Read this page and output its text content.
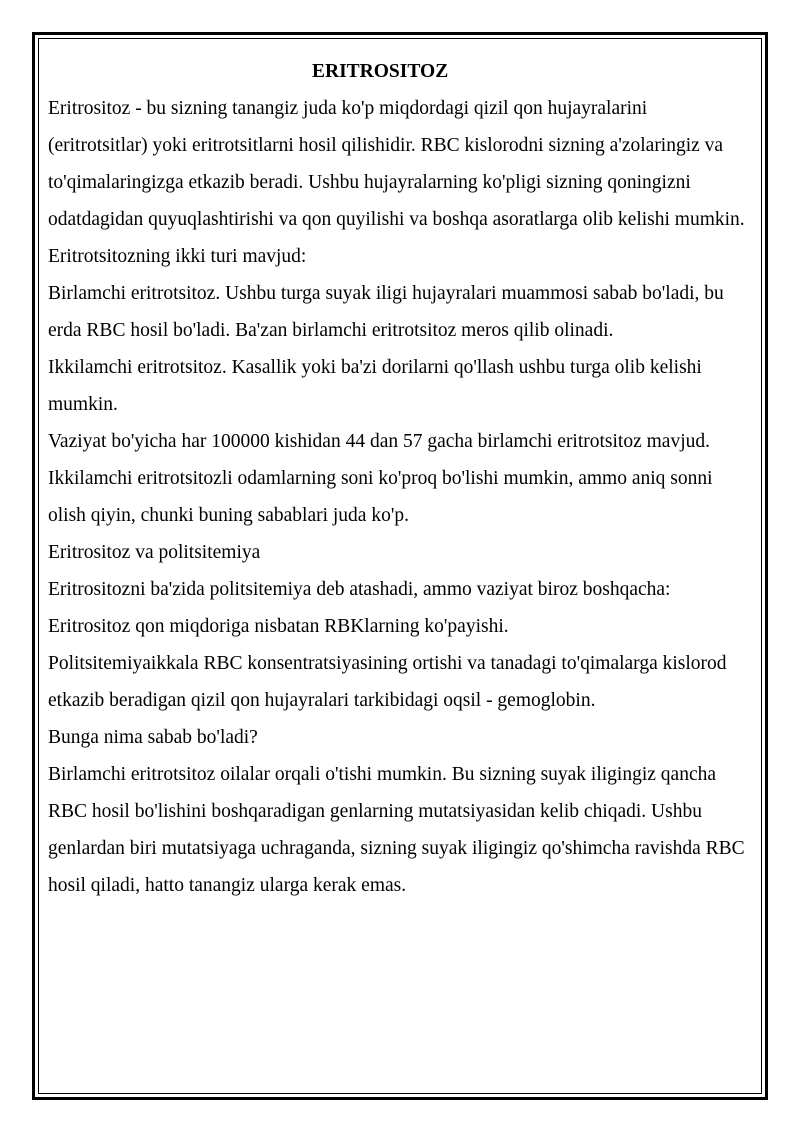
ERITROSITOZ

Eritrositoz - bu sizning tanangiz juda ko'p miqdordagi qizil qon hujayralarini (eritrotsitlar) yoki eritrotsitlarni hosil qilishidir. RBC kislorodni sizning a'zolaringiz va to'qimalaringizga etkazib beradi. Ushbu hujayralarning ko'pligi sizning qoningizni odatdagidan quyuqlashtirishi va qon quyilishi va boshqa asoratlarga olib kelishi mumkin.

Eritrotsitozning ikki turi mavjud:

Birlamchi eritrotsitoz. Ushbu turga suyak iligi hujayralari muammosi sabab bo'ladi, bu erda RBC hosil bo'ladi. Ba'zan birlamchi eritrotsitoz meros qilib olinadi.

Ikkilamchi eritrotsitoz. Kasallik yoki ba'zi dorilarni qo'llash ushbu turga olib kelishi mumkin.

Vaziyat bo'yicha har 100000 kishidan 44 dan 57 gacha birlamchi eritrotsitoz mavjud. Ikkilamchi eritrotsitozli odamlarning soni ko'proq bo'lishi mumkin, ammo aniq sonni olish qiyin, chunki buning sabablari juda ko'p.

Eritrositoz va politsitemiya

Eritrositozni ba'zida politsitemiya deb atashadi, ammo vaziyat biroz boshqacha:

Eritrositoz qon miqdoriga nisbatan RBKlarning ko'payishi.

Politsitemiyaikkala RBC konsentratsiyasining ortishi va tanadagi to'qimalarga kislorod etkazib beradigan qizil qon hujayralari tarkibidagi oqsil - gemoglobin.

Bunga nima sabab bo'ladi?

Birlamchi eritrotsitoz oilalar orqali o'tishi mumkin. Bu sizning suyak iligingiz qancha RBC hosil bo'lishini boshqaradigan genlarning mutatsiyasidan kelib chiqadi. Ushbu genlardan biri mutatsiyaga uchraganda, sizning suyak iligingiz qo'shimcha ravishda RBC hosil qiladi, hatto tanangiz ularga kerak emas.
